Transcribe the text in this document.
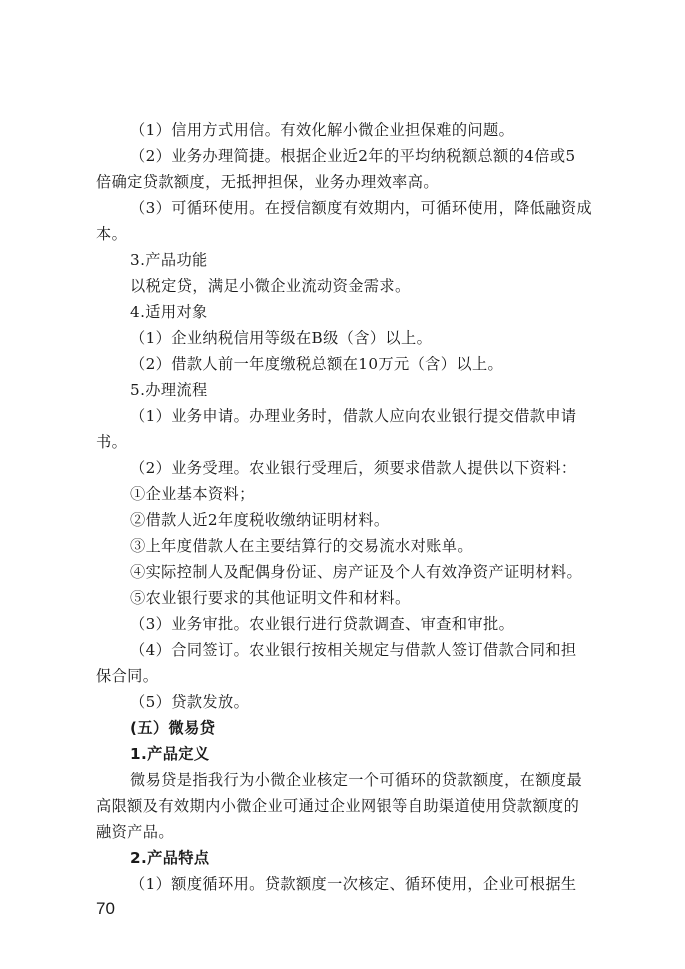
（1）信用方式用信。有效化解小微企业担保难的问题。
（2）业务办理简捷。根据企业近2年的平均纳税额总额的4倍或5
倍确定贷款额度，无抵押担保，业务办理效率高。
（3）可循环使用。在授信额度有效期内，可循环使用，降低融资成
本。
3.产品功能
以税定贷，满足小微企业流动资金需求。
4.适用对象
（1）企业纳税信用等级在B级（含）以上。
（2）借款人前一年度缴税总额在10万元（含）以上。
5.办理流程
（1）业务申请。办理业务时，借款人应向农业银行提交借款申请
书。
（2）业务受理。农业银行受理后，须要求借款人提供以下资料：
①企业基本资料；
②借款人近2年度税收缴纳证明材料。
③上年度借款人在主要结算行的交易流水对账单。
④实际控制人及配偶身份证、房产证及个人有效净资产证明材料。
⑤农业银行要求的其他证明文件和材料。
（3）业务审批。农业银行进行贷款调查、审查和审批。
（4）合同签订。农业银行按相关规定与借款人签订借款合同和担
保合同。
（5）贷款发放。
(五）微易贷
1.产品定义
微易贷是指我行为小微企业核定一个可循环的贷款额度，在额度最
高限额及有效期内小微企业可通过企业网银等自助渠道使用贷款额度的
融资产品。
2.产品特点
（1）额度循环用。贷款额度一次核定、循环使用，企业可根据生
70
